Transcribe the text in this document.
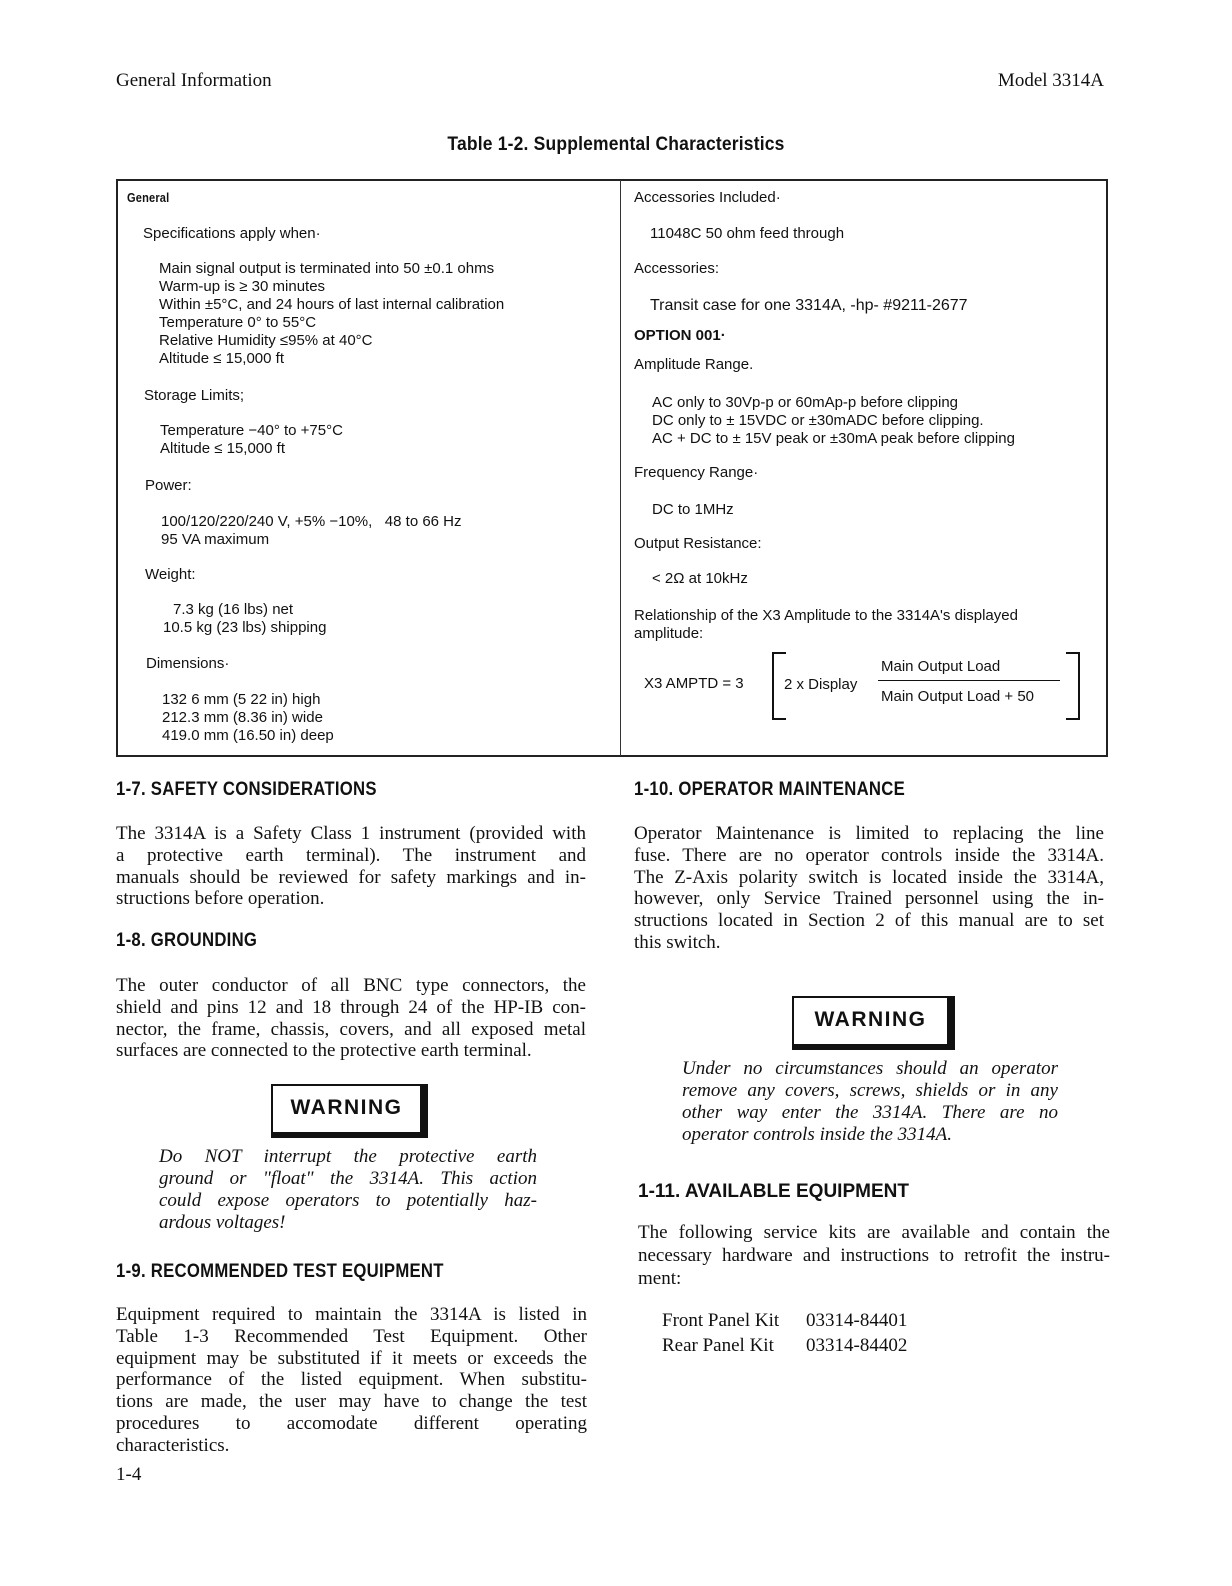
General Information	Model 3314A
Table 1-2. Supplemental Characteristics
General
Specifications apply when·
Main signal output is terminated into 50 ±0.1 ohms
Warm-up is ≥ 30 minutes
Within ±5°C, and 24 hours of last internal calibration
Temperature 0° to 55°C
Relative Humidity ≤95% at 40°C
Altitude ≤ 15,000 ft
Storage Limits;
Temperature −40° to +75°C
Altitude ≤ 15,000 ft
Power:
100/120/220/240 V, +5% −10%,   48 to 66 Hz
95 VA maximum
Weight:
7.3 kg (16 lbs) net
10.5 kg (23 lbs) shipping
Dimensions·
132 6 mm (5 22 in) high
212.3 mm (8.36 in) wide
419.0 mm (16.50 in) deep
Accessories Included·
11048C 50 ohm feed through
Accessories:
Transit case for one 3314A, -hp- #9211-2677
OPTION 001·
Amplitude Range.
AC only to 30Vp-p or 60mAp-p before clipping
DC only to ± 15VDC or ±30mADC before clipping.
AC + DC to ± 15V peak or ±30mA peak before clipping
Frequency Range·
DC to 1MHz
Output Resistance:
< 2Ω at 10kHz
Relationship of the X3 Amplitude to the 3314A's displayed
amplitude:
X3 AMPTD = 3	2 x Display
Main Output Load
Main Output Load + 50
1-7. SAFETY CONSIDERATIONS
The 3314A is a Safety Class 1 instrument (provided with
a protective earth terminal). The instrument and
manuals should be reviewed for safety markings and in-
structions before operation.
1-8. GROUNDING
The outer conductor of all BNC type connectors, the
shield and pins 12 and 18 through 24 of the HP-IB con-
nector, the frame, chassis, covers, and all exposed metal
surfaces are connected to the protective earth terminal.
WARNING
Do NOT interrupt the protective earth
ground or "float" the 3314A. This action
could expose operators to potentially haz-
ardous voltages!
1-9. RECOMMENDED TEST EQUIPMENT
Equipment required to maintain the 3314A is listed in
Table 1-3 Recommended Test Equipment. Other
equipment may be substituted if it meets or exceeds the
performance of the listed equipment. When substitu-
tions are made, the user may have to change the test
procedures to accomodate different operating
characteristics.
1-10. OPERATOR MAINTENANCE
Operator Maintenance is limited to replacing the line
fuse. There are no operator controls inside the 3314A.
The Z-Axis polarity switch is located inside the 3314A,
however, only Service Trained personnel using the in-
structions located in Section 2 of this manual are to set
this switch.
WARNING
Under no circumstances should an operator
remove any covers, screws, shields or in any
other way enter the 3314A. There are no
operator controls inside the 3314A.
1-11. AVAILABLE EQUIPMENT
The following service kits are available and contain the
necessary hardware and instructions to retrofit the instru-
ment:
Front Panel Kit 03314-84401
Rear Panel Kit 03314-84402
1-4
